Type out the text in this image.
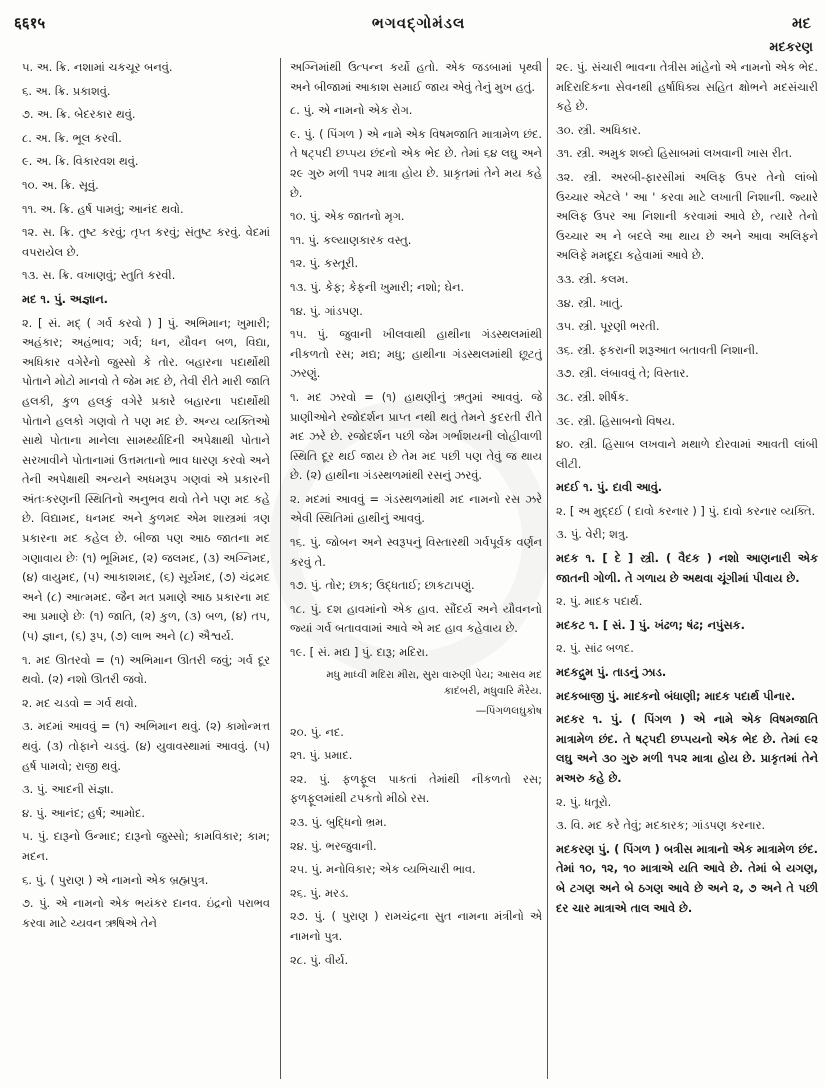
६६१५	ભગવદ્ગોમંડલ	મદ
મદકરણ

૫. અ. ક્રિ. નશામાં ચકચૂર બનવું.

૬. અ. ક્રિ. પ્રકાશવું.

૭. અ. ક્રિ. બેદરકાર થવું.

૮. અ. ક્રિ. ભૂલ કરવી.

૯. અ. ક્રિ. વિકારવશ થવું.

૧૦. અ. ક્રિ. સૂવું.

૧૧. અ. ક્રિ. હર્ષ પામવું; આનંદ થવો.

૧૨. સ. ક્રિ. તુષ્ટ કરવું; તૃપ્ત કરવું; સંતુષ્ટ કરવું. વેદમાં વપરાયેલ છે.

૧૩. સ. ક્રિ. વખાણવું; સ્તુતિ કરવી.

મદ ૧. પું. અજ્ઞાન.

૨. [ સં. મદ્ ( ગર્વ કરવો ) ] પું. અભિમાન; ખુમારી; અહંકાર; અહંભાવ; ગર્વ; ધન, યૌવન બળ, વિદ્યા, અધિકાર વગેરેનો જુસ્સો કે તોર. બહારના પદાર્થોથી પોતાને મોટો માનવો તે જેમ મદ છે, તેવી રીતે મારી જાતિ હલકી, કુળ હલકું વગેરે પ્રકારે બહારના પદાર્થોથી પોતાને હલકો ગણવો તે પણ મદ છે. અન્ય વ્યક્તિઓ સાથે પોતાના માનેલા સામર્થ્યાદિની અપેક્ષાથી પોતાને સરખાવીને પોતાનામાં ઉત્તમતાનો ભાવ ધારણ કરવો અને તેની અપેક્ષાથી અન્યને અધમરૂપ ગણવાં એ પ્રકારની અંતઃકરણની સ્થિતિનો અનુભવ થવો તેને પણ મદ કહે છે. વિદ્યામદ, ધનમદ અને કુળમદ એમ શાસ્ત્રમાં ત્રણ પ્રકારના મદ કહેલ છે. બીજા પણ આઠ જાતના મદ ગણાવાય છેઃ (૧) ભૂમિમદ, (૨) જલમદ, (૩) અગ્નિમદ, (૪) વાયુમદ, (૫) આકાશમદ, (૬) સૂર્યમદ, (૭) ચંદ્રમદ અને (૮) આત્મમદ. જૈન મત પ્રમાણે આઠ પ્રકારના મદ આ પ્રમાણે છેઃ (૧) જાતિ, (૨) કુળ, (૩) બળ, (૪) તપ, (૫) જ્ઞાન, (૬) રૂપ, (૭) લાભ અને (૮) ઐશ્વર્ય.

૧. મદ ઊતરવો = (૧) અભિમાન ઊતરી જવું; ગર્વ દૂર થવો. (૨) નશો ઊતરી જવો.

૨. મદ ચડવો = ગર્વ થવો.

૩. મદમાં આવવું = (૧) અભિમાન થવું. (૨) કામોન્મત્ત થવું. (૩) તોફાને ચડવું. (૪) યુવાવસ્થામાં આવવું. (૫) હર્ષ પામવો; રાજી થવું.

૩. પું. આદની સંજ્ઞા.

૪. પું. આનંદ; હર્ષ; આમોદ.

૫. પું. દારૂનો ઉન્માદ; દારૂનો જુસ્સો; કામવિકાર; કામ; મદન.

૬. પું. ( પુરાણ ) એ નામનો એક બ્રહ્મપુત્ર.

૭. પું. એ નામનો એક ભયંકર દાનવ. ઇંદ્રનો પરાભવ કરવા માટે ચ્યવન ઋષિએ તેને

અગ્નિમાંથી ઉત્પન્ન કર્યો હતો. એક જડબામાં પૃથ્વી અને બીજામાં આકાશ સમાઈ જાય એવું તેનું મુખ હતું.

૮. પું. એ નામનો એક રોગ.

૯. પું. ( પિંગળ ) એ નામે એક વિષમજાતિ માત્રામેળ છંદ. તે ષટ્પદી છપ્પય છંદનો એક ભેદ છે. તેમાં ૬૪ લઘુ અને ૨૯ ગુરુ મળી ૧૫૨ માત્રા હોય છે. પ્રાકૃતમાં તેને મય કહે છે.

૧૦. પું. એક જાતનો મૃગ.

૧૧. પું. કલ્યાણકારક વસ્તુ.

૧૨. પું. કસ્તૂરી.

૧૩. પું. કેફ; કેફની ખુમારી; નશો; ઘેન.

૧૪. પું. ગાંડપણ.

૧૫. પું. જુવાની ખીલવાથી હાથીના ગંડસ્થલમાંથી નીકળતો રસ; મદ્ય; મધુ; હાથીના ગંડસ્થલમાંથી છૂટતું ઝરણું.

૧. મદ ઝરવો = (૧) હાથણીનું ઋતુમાં આવવું. જે પ્રાણીઓને રજોદર્શન પ્રાપ્ત નથી થતું તેમને કુદરતી રીતે મદ ઝરે છે. રજોદર્શન પછી જેમ ગર્ભાશયની લોહીવાળી સ્થિતિ દૂર થઈ જાય છે તેમ મદ પછી પણ તેવું જ થાય છે. (૨) હાથીના ગંડસ્થળમાંથી રસનું ઝરવું.

૨. મદમાં આવવું = ગંડસ્થળમાંથી મદ નામનો રસ ઝરે એવી સ્થિતિમાં હાથીનું આવવું.

૧૬. પું. જોબન અને સ્વરૂપનું વિસ્તારથી ગર્વપૂર્વક વર્ણન કરવું તે.

૧૭. પું. તોર; છાક; ઉદ્ધતાઈ; છાકટાપણું.

૧૮. પું. દશ હાવમાંનો એક હાવ. સૌંદર્ય અને યૌવનનો જ્યાં ગર્વ બતાવવામાં આવે એ મદ હાવ કહેવાય છે.

૧૯. [ સં. મદ્ય ] પું. દારૂ; મદિરા.

મધુ માધ્વી મદિરા મીરા, સુરા વારુણી પેય; આસવ મદ કાદંબરી, મધુવારિ મૈરેય.

—પિંગળલઘુકોષ

૨૦. પું. નદ.

૨૧. પું. પ્રમાદ.

૨૨. પું. ફળફૂલ પાકતાં તેમાંથી નીકળતો રસ; ફળફૂલમાંથી ટપકતો મીઠો રસ.

૨૩. પું. બુદ્ધિનો ભ્રમ.

૨૪. પું. ભરજુવાની.

૨૫. પું. મનોવિકાર; એક વ્યભિચારી ભાવ.

૨૬. પું. મરડ.

૨૭. પું. ( પુરાણ ) રામચંદ્રના સુત નામના મંત્રીનો એ નામનો પુત્ર.

૨૮. પું. વીર્ય.

૨૯. પું. સંચારી ભાવના તેત્રીસ માંહેનો એ નામનો એક ભેદ. મદિરાદિકના સેવનથી હર્ષાધિક્ય સહિત ક્ષોભને મદસંચારી કહે છે.

૩૦. સ્ત્રી. અધિકાર.

૩૧. સ્ત્રી. અમુક શબ્દો હિસાબમાં લખવાની ખાસ રીત.

૩૨. સ્ત્રી. અરબી-ફારસીમાં અલિફ ઉપર તેનો લાંબો ઉચ્ચાર એટલે ' આ ' કરવા માટે લખાતી નિશાની. જ્યારે અલિફ ઉપર આ નિશાની કરવામાં આવે છે, ત્યારે તેનો ઉચ્ચાર અ ને બદલે આ થાય છે અને આવા અલિફને અલિફે મમદૂદા કહેવામાં આવે છે.

૩૩. સ્ત્રી. કલમ.

૩૪. સ્ત્રી. ખાતું.

૩૫. સ્ત્રી. પૂરણી ભરતી.

૩૬. સ્ત્રી. ફકરાની શરૂઆત બતાવતી નિશાની.

૩૭. સ્ત્રી. લંબાવવું તે; વિસ્તાર.

૩૮. સ્ત્રી. શીર્ષક.

૩૯. સ્ત્રી. હિસાબનો વિષય.

૪૦. સ્ત્રી. હિસાબ લખવાને મથાળે દોરવામાં આવતી લાંબી લીટી.

મદઈ ૧. પું. દાવી આવું.

૨. [ અ મુદ્દઈ ( દાવો કરનાર ) ] પું. દાવો કરનાર વ્યક્તિ.

૩. પું. વેરી; શત્રુ.

મદક ૧. [ દે ] સ્ત્રી. ( વૈદક ) નશો આણનારી એક જાતની ગોળી. તે ગળાય છે અથવા ચૂંગીમાં પીવાય છે.

૨. પું. માદક પદાર્થ.

મદકટ ૧. [ સં. ] પું. ખંઢળ; ષંઢ; નપુંસક.

૨. પું. સાંઢ બળદ.

મદકદ્રુમ પું. તાડનું ઝાડ.

મદકબાજી પું. માદકનો બંધાણી; માદક પદાર્થ પીનાર.

મદકર ૧. પું. ( પિંગળ ) એ નામે એક વિષમજાતિ માત્રામેળ છંદ. તે ષટ્પદી છપ્પયનો એક ભેદ છે. તેમાં ૯૨ લઘુ અને ૩૦ ગુરુ મળી ૧૫૨ માત્રા હોય છે. પ્રાકૃતમાં તેને મઅરુ કહે છે.

૨. પું. ધતૂરો.

૩. વિ. મદ કરે તેવું; મદકારક; ગાંડપણ કરનાર.

મદકરણ પું. ( પિંગળ ) બત્રીસ માત્રાનો એક માત્રામેળ છંદ. તેમાં ૧૦, ૧૨, ૧૦ માત્રાએ યતિ આવે છે. તેમાં બે યગણ, બે ટગણ અને બે ઠગણ આવે છે અને ૨, ૭ અને તે પછી દર ચાર માત્રાએ તાલ આવે છે.
